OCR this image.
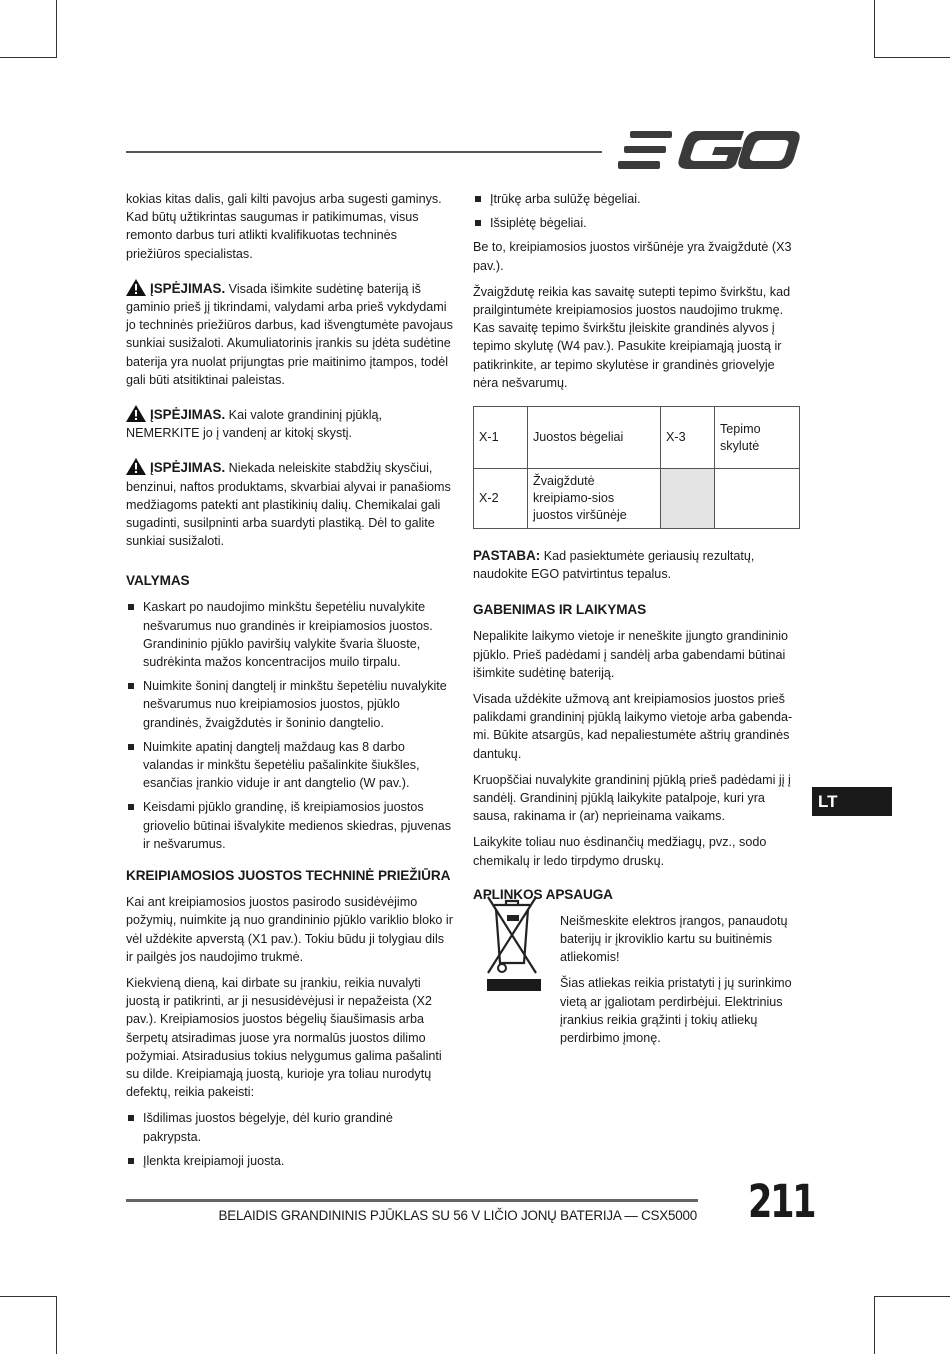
kokias kitas dalis, gali kilti pavojus arba sugesti gaminys. Kad būtų užtikrintas saugumas ir patikimumas, visus remonto darbus turi atlikti kvalifikuotas techninės priežiūros specialistas.

ĮSPĖJIMAS. Visada išimkite sudėtinę bateriją iš gaminio prieš jį tikrindami, valydami arba prieš vykdydami jo techninės priežiūros darbus, kad išvengtumėte pavojaus sunkiai susižaloti. Akumuliatorinis įrankis su įdėta sudėtine baterija yra nuolat prijungtas prie maitinimo įtampos, todėl gali būti atsitiktinai paleistas.

ĮSPĖJIMAS. Kai valote grandininį pjūklą, NEMERKITE jo į vandenį ar kitokį skystį.

ĮSPĖJIMAS. Niekada neleiskite stabdžių skysčiui, benzinui, naftos produktams, skvarbiai alyvai ir panašioms medžiagoms patekti ant plastikinių dalių. Chemikalai gali sugadinti, susilpninti arba suardyti plastiką. Dėl to galite sunkiai susižaloti.

VALYMAS
Kaskart po naudojimo minkštu šepetėliu nuvalykite nešvarumus nuo grandinės ir kreipiamosios juostos. Grandininio pjūklo paviršių valykite švaria šluoste, sudrėkinta mažos koncentracijos muilo tirpalu.
Nuimkite šoninį dangtelį ir minkštu šepetėliu nuvalykite nešvarumus nuo kreipiamosios juostos, pjūklo grandinės, žvaigždutės ir šoninio dangtelio.
Nuimkite apatinį dangtelį maždaug kas 8 darbo valandas ir minkštu šepetėliu pašalinkite šiukšles, esančias įrankio viduje ir ant dangtelio (W pav.).
Keisdami pjūklo grandinę, iš kreipiamosios juostos griovelio būtinai išvalykite medienos skiedras, pjuvenas ir nešvarumus.
KREIPIAMOSIOS JUOSTOS TECHNINĖ PRIEŽIŪRA

Kai ant kreipiamosios juostos pasirodo susidėvėjimo požymių, nuimkite ją nuo grandininio pjūklo variklio bloko ir vėl uždėkite apverstą (X1 pav.). Tokiu būdu ji tolygiau dils ir pailgės jos naudojimo trukmė.

Kiekvieną dieną, kai dirbate su įrankiu, reikia nuvalyti juostą ir patikrinti, ar ji nesusidėvėjusi ir nepažeista (X2 pav.). Kreipiamosios juostos bėgelių šiaušimasis arba šerpetų atsiradimas juose yra normalūs juostos dilimo požymiai. Atsiradusius tokius nelygumus galima pašalinti su dilde. Kreipiamąją juostą, kurioje yra toliau nurodytų defektų, reikia pakeisti:

Išdilimas juostos bėgelyje, dėl kurio grandinė pakrypsta.
Įlenkta kreipiamoji juosta.
Įtrūkę arba sulūžę bėgeliai.
Išsiplėtę bėgeliai.

Be to, kreipiamosios juostos viršūnėje yra žvaigždutė (X3 pav.).

Žvaigždutę reikia kas savaitę sutepti tepimo švirkštu, kad prailgintumėte kreipiamosios juostos naudojimo trukmę. Kas savaitę tepimo švirkštu įleiskite grandinės alyvos į tepimo skylutę (W4 pav.). Pasukite kreipiamąją juostą ir patikrinkite, ar tepimo skylutėse ir grandinės griovelyje nėra nešvarumų.

X-1	Juostos bėgeliai	X-3	Tepimo skylutė
X-2	Žvaigždutė kreipiamo-sios juostos viršūnėje		

PASTABA: Kad pasiektumėte geriausių rezultatų, naudokite EGO patvirtintus tepalus.

GABENIMAS IR LAIKYMAS

Nepalikite laikymo vietoje ir neneškite įjungto grandininio pjūklo. Prieš padėdami į sandėlį arba gabendami būtinai išimkite sudėtinę bateriją.

Visada uždėkite užmovą ant kreipiamosios juostos prieš palikdami grandininį pjūklą laikymo vietoje arba gabenda-mi. Būkite atsargūs, kad nepaliestumėte aštrių grandinės dantukų.

Kruopščiai nuvalykite grandininį pjūklą prieš padėdami jį į sandėlį. Grandininį pjūklą laikykite patalpoje, kuri yra sausa, rakinama ir (ar) neprieinama vaikams.

Laikykite toliau nuo ėsdinančių medžiagų, pvz., sodo chemikalų ir ledo tirpdymo druskų.

APLINKOS APSAUGA

Neišmeskite elektros įrangos, panaudotų baterijų ir įkroviklio kartu su buitinėmis atliekomis!

Šias atliekas reikia pristatyti į jų surinkimo vietą ar įgaliotam perdirbėjui. Elektrinius įrankius reikia grąžinti į tokių atliekų perdirbimo įmonę.

LT
BELAIDIS GRANDININIS PJŪKLAS SU 56 V LIČIO JONŲ BATERIJA — CSX5000 211
